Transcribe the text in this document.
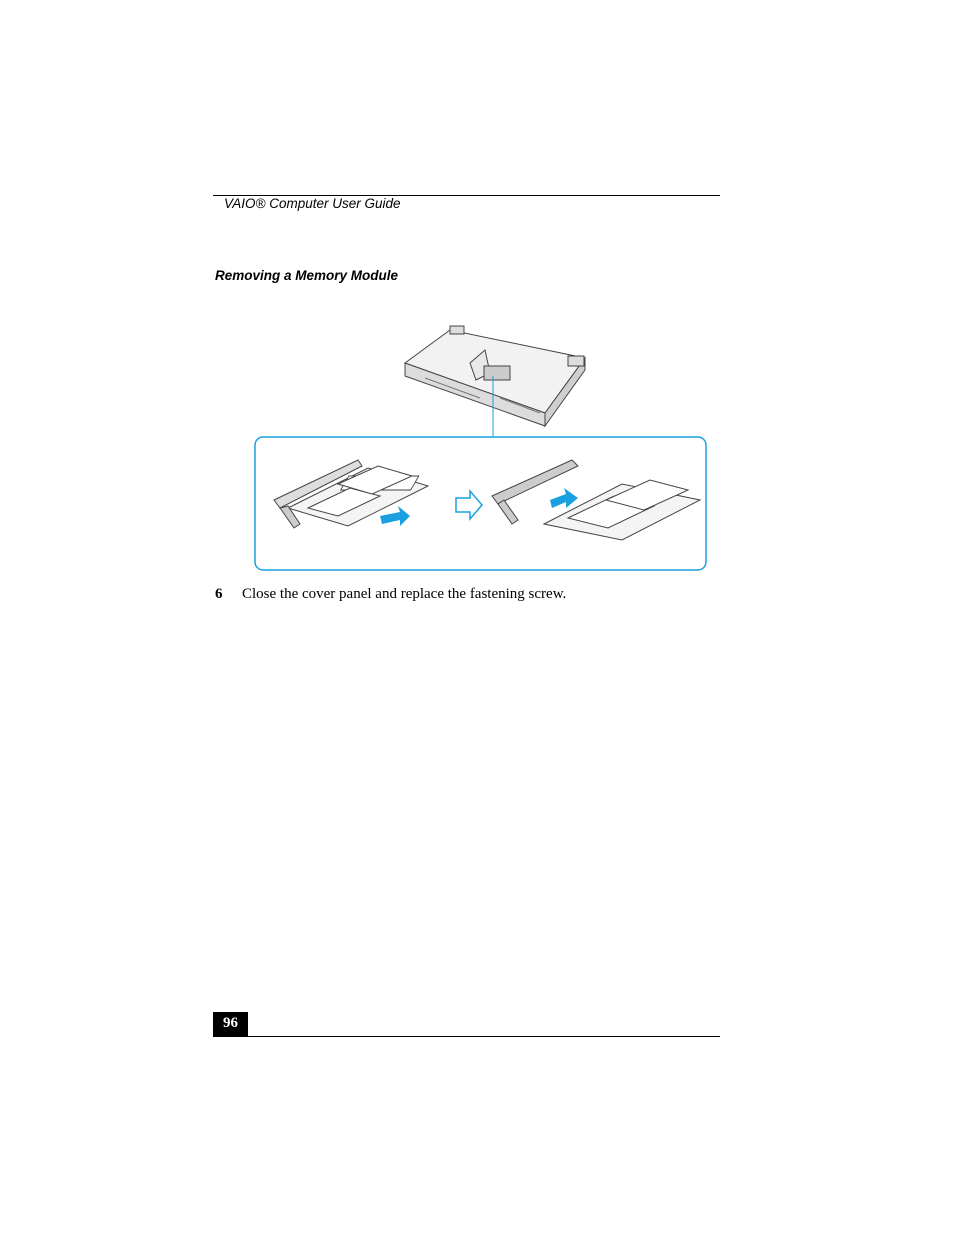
VAIO® Computer User Guide
Removing a Memory Module
6 Close the cover panel and replace the fastening screw.
96
